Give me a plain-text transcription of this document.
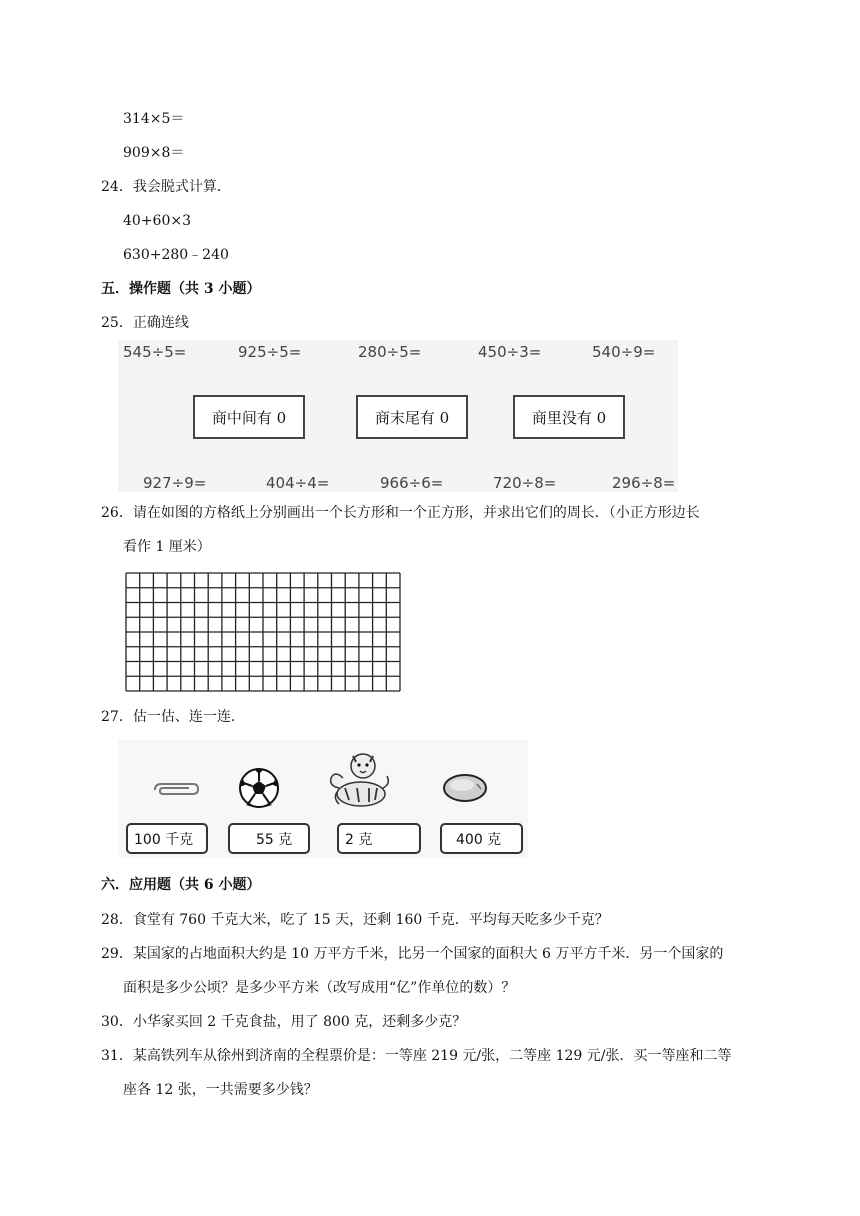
314×5＝
909×8＝
24．我会脱式计算．
40+60×3
630+280﹣240
五．操作题（共 3 小题）
25．正确连线
545÷5=	925÷5=	280÷5=	450÷3=	540÷9=
商中间有 0	商末尾有 0	商里没有 0
927÷9=	404÷4=	966÷6=	720÷8=	296÷8=
26．请在如图的方格纸上分别画出一个长方形和一个正方形，并求出它们的周长．（小正方形边长
看作 1 厘米）
27．估一估、连一连．
100 千克	55 克	2 克	400 克
六．应用题（共 6 小题）
28．食堂有 760 千克大米，吃了 15 天，还剩 160 千克．平均每天吃多少千克？
29．某国家的占地面积大约是 10 万平方千米，比另一个国家的面积大 6 万平方千米．另一个国家的
面积是多少公顷？是多少平方米（改写成用“亿”作单位的数）？
30．小华家买回 2 千克食盐，用了 800 克，还剩多少克？
31．某高铁列车从徐州到济南的全程票价是：一等座 219 元/张，二等座 129 元/张．买一等座和二等
座各 12 张，一共需要多少钱？
